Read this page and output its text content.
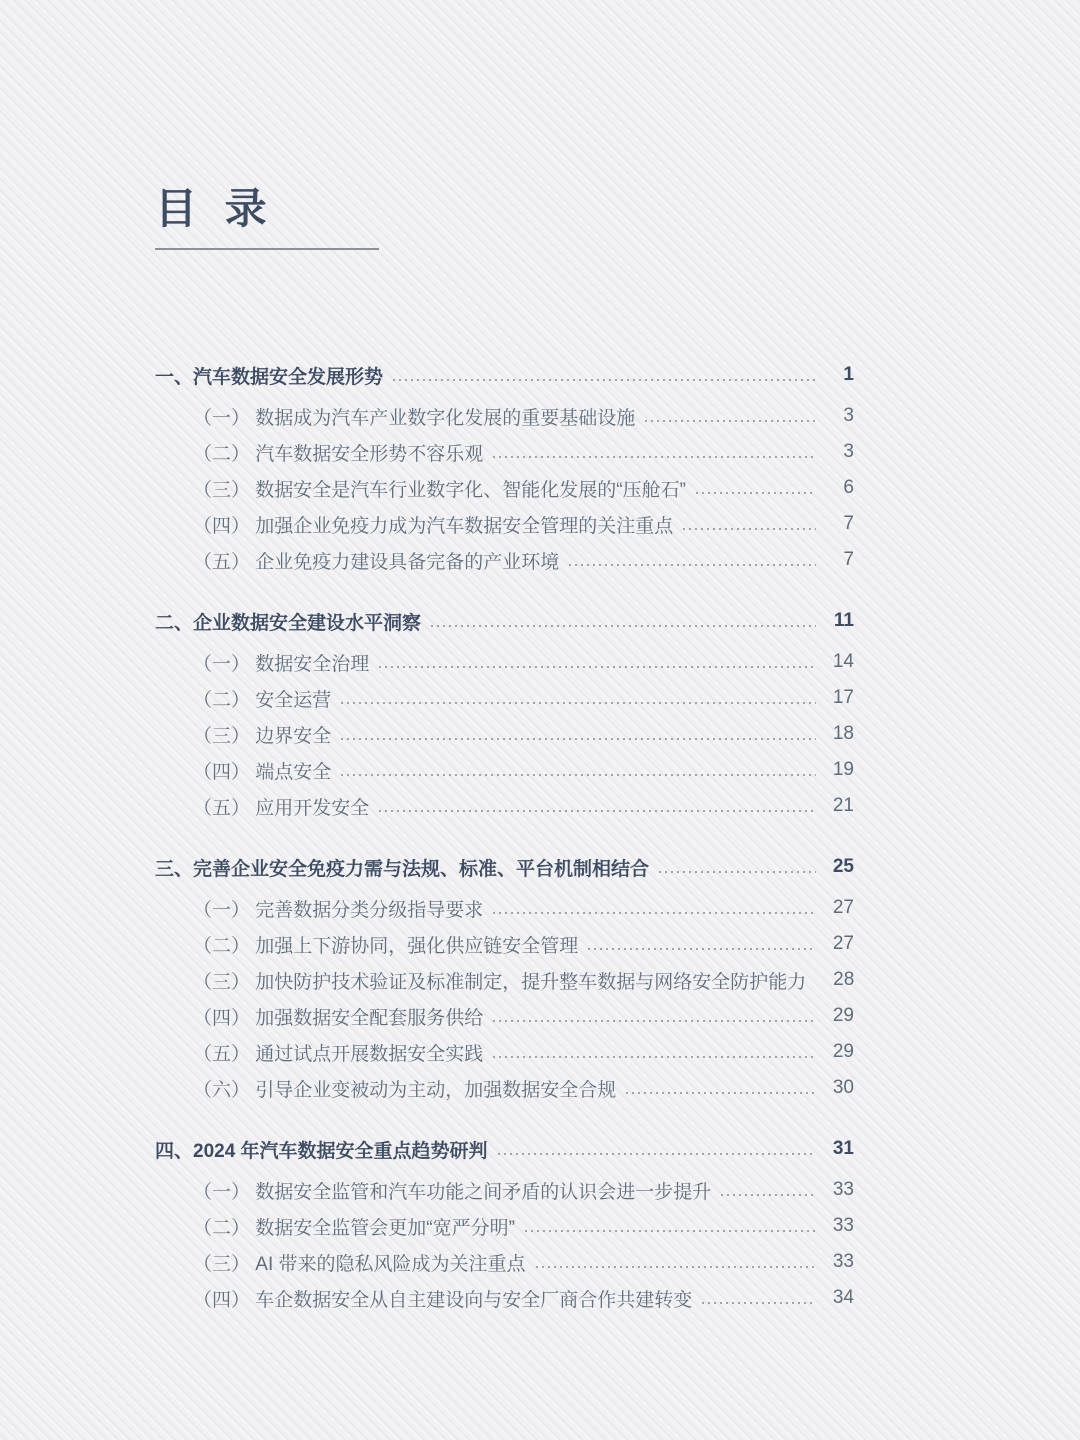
目 录
一、汽车数据安全发展形势	1
（一） 数据成为汽车产业数字化发展的重要基础设施	3
（二） 汽车数据安全形势不容乐观	3
（三） 数据安全是汽车行业数字化、智能化发展的“压舱石”	6
（四） 加强企业免疫力成为汽车数据安全管理的关注重点	7
（五） 企业免疫力建设具备完备的产业环境	7
二、企业数据安全建设水平洞察	11
（一） 数据安全治理	14
（二） 安全运营	17
（三） 边界安全	18
（四） 端点安全	19
（五） 应用开发安全	21
三、完善企业安全免疫力需与法规、标准、平台机制相结合	25
（一） 完善数据分类分级指导要求	27
（二） 加强上下游协同，强化供应链安全管理	27
（三） 加快防护技术验证及标准制定，提升整车数据与网络安全防护能力	28
（四） 加强数据安全配套服务供给	29
（五） 通过试点开展数据安全实践	29
（六） 引导企业变被动为主动，加强数据安全合规	30
四、2024 年汽车数据安全重点趋势研判	31
（一） 数据安全监管和汽车功能之间矛盾的认识会进一步提升	33
（二） 数据安全监管会更加“宽严分明”	33
（三） AI 带来的隐私风险成为关注重点	33
（四） 车企数据安全从自主建设向与安全厂商合作共建转变	34
